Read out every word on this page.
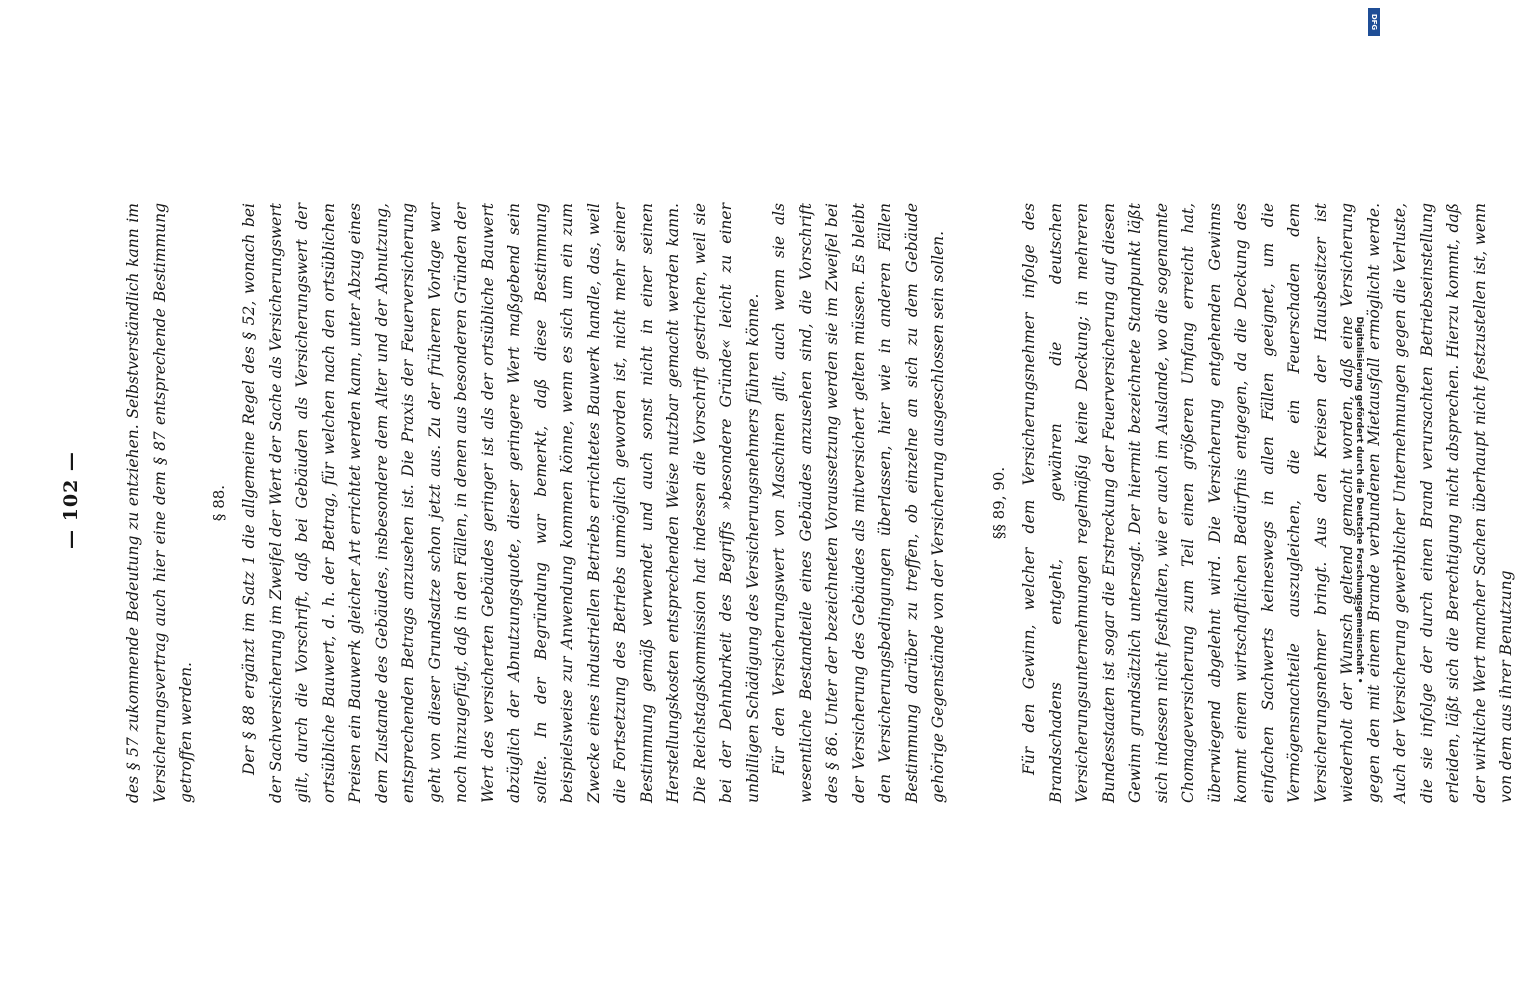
— 102 —	des § 57 zukommende Bedeutung zu entziehen. Selbstverständlich kann im Versicherungsvertrag auch hier eine dem § 87 entsprechende Bestimmung getroffen werden.

§ 88. Der § 88 ergänzt im Satz 1 die allgemeine Regel des § 52, wonach bei der Sachversicherung im Zweifel der Wert der Sache als Versicherungswert gilt, durch die Vorschrift, daß bei Gebäuden als Versicherungswert der ortsübliche Bauwert, d. h. der Betrag, für welchen nach den ortsüblichen Preisen ein Bauwerk gleicher Art errichtet werden kann, unter Abzug eines dem Zustande des Gebäudes, insbesondere dem Alter und der Abnutzung, entsprechenden Betrags anzusehen ist. Die Praxis der Feuerversicherung geht von dieser Grundsatze schon jetzt aus. Zu der früheren Vorlage war noch hinzugefügt, daß in den Fällen, in denen aus besonderen Gründen der Wert des versicherten Gebäudes geringer ist als der ortsübliche Bauwert abzüglich der Abnutzungsquote, dieser geringere Wert maßgebend sein sollte. In der Begründung war bemerkt, daß diese Bestimmung beispielsweise zur Anwendung kommen könne, wenn es sich um ein zum Zwecke eines industriellen Betriebs errichtetes Bauwerk handle, das, weil die Fortsetzung des Betriebs unmöglich geworden ist, nicht mehr seiner Bestimmung gemäß verwendet und auch sonst nicht in einer seinen Herstellungskosten entsprechenden Weise nutzbar gemacht werden kann. Die Reichstagskommission hat indessen die Vorschrift gestrichen, weil sie bei der Dehnbarkeit des Begriffs »besondere Gründe« leicht zu einer unbilligen Schädigung des Versicherungsnehmers führen könne. Für den Versicherungswert von Maschinen gilt, auch wenn sie als wesentliche Bestandteile eines Gebäudes anzusehen sind, die Vorschrift des § 86. Unter der bezeichneten Voraussetzung werden sie im Zweifel bei der Versicherung des Gebäudes als mitversichert gelten müssen. Es bleibt den Versicherungsbedingungen überlassen, hier wie in anderen Fällen Bestimmung darüber zu treffen, ob einzelne an sich zu dem Gebäude gehörige Gegenstände von der Versicherung ausgeschlossen sein sollen.	§§ 89, 90. Für den Gewinn, welcher dem Versicherungsnehmer infolge des Brandschadens entgeht, gewähren die deutschen Versicherungsunternehmungen regelmäßig keine Deckung; in mehreren Bundesstaaten ist sogar die Erstreckung der Feuerversicherung auf diesen Gewinn grundsätzlich untersagt. Der hiermit bezeichnete Standpunkt läßt sich indessen nicht festhalten, wie er auch im Auslande, wo die sogenannte Chomageversicherung zum Teil einen größeren Umfang erreicht hat, überwiegend abgelehnt wird. Die Versicherung entgehenden Gewinns kommt einem wirtschaftlichen Bedürfnis entgegen, da die Deckung des einfachen Sachwerts keineswegs in allen Fällen geeignet, um die Vermögensnachteile auszugleichen, die ein Feuerschaden dem Versicherungsnehmer bringt. Aus den Kreisen der Hausbesitzer ist wiederholt der Wunsch geltend gemacht worden, daß eine Versicherung gegen den mit einem Brande verbundenen Mietausfall ermöglicht werde. Auch der Versicherung gewerblicher Unternehmungen gegen die Verluste, die sie infolge der durch einen Brand verursachten Betriebseinstellung erleiden, läßt sich die Berechtigung nicht absprechen. Hierzu kommt, daß der wirkliche Wert mancher Sachen überhaupt nicht festzustellen ist, wenn von dem aus ihrer Benutzung

Digitalisierung gefördert durch die Deutsche Forschungsgemeinschaft •
DFG
